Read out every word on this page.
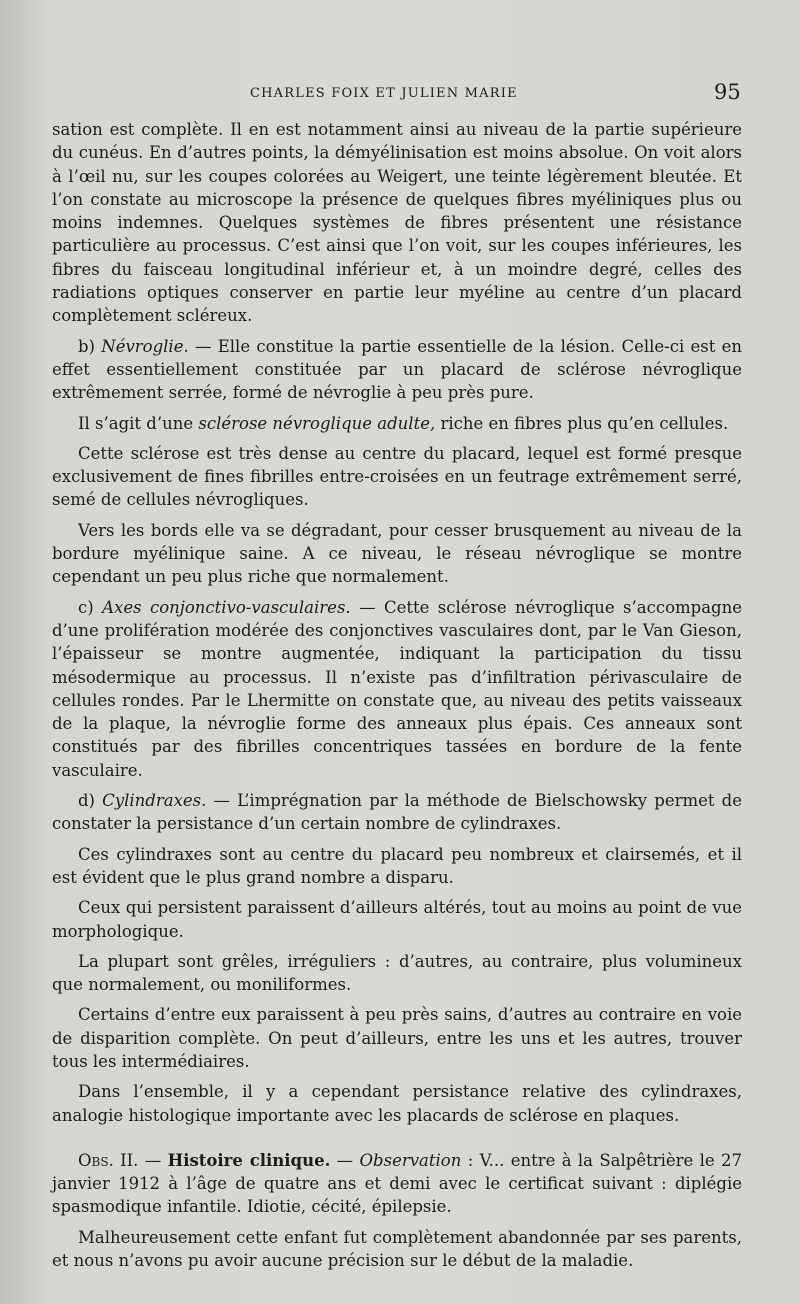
CHARLES FOIX ET JULIEN MARIE	95

sation est complète. Il en est notamment ainsi au niveau de la partie supérieure du cunéus. En d’autres points, la démyélinisation est moins absolue. On voit alors à l’œil nu, sur les coupes colorées au Weigert, une teinte légèrement bleutée. Et l’on constate au microscope la présence de quelques fibres myéliniques plus ou moins indemnes. Quelques systèmes de fibres présentent une résistance particulière au processus. C’est ainsi que l’on voit, sur les coupes inférieures, les fibres du faisceau longitudinal inférieur et, à un moindre degré, celles des radiations optiques conserver en partie leur myéline au centre d’un placard complètement scléreux.

b) Névroglie. — Elle constitue la partie essentielle de la lésion. Celle-ci est en effet essentiellement constituée par un placard de sclérose névroglique extrêmement serrée, formé de névroglie à peu près pure.

Il s’agit d’une sclérose névroglique adulte, riche en fibres plus qu’en cellules.

Cette sclérose est très dense au centre du placard, lequel est formé presque exclusivement de fines fibrilles entre-croisées en un feutrage extrêmement serré, semé de cellules névrogliques.

Vers les bords elle va se dégradant, pour cesser brusquement au niveau de la bordure myélinique saine. A ce niveau, le réseau névroglique se montre cependant un peu plus riche que normalement.

c) Axes conjonctivo-vasculaires. — Cette sclérose névroglique s’accompagne d’une prolifération modérée des conjonctives vasculaires dont, par le Van Gieson, l’épaisseur se montre augmentée, indiquant la participation du tissu mésodermique au processus. Il n’existe pas d’infiltration périvasculaire de cellules rondes. Par le Lhermitte on constate que, au niveau des petits vaisseaux de la plaque, la névroglie forme des anneaux plus épais. Ces anneaux sont constitués par des fibrilles concentriques tassées en bordure de la fente vasculaire.

d) Cylindraxes. — L’imprégnation par la méthode de Bielschowsky permet de constater la persistance d’un certain nombre de cylindraxes.

Ces cylindraxes sont au centre du placard peu nombreux et clairsemés, et il est évident que le plus grand nombre a disparu.

Ceux qui persistent paraissent d’ailleurs altérés, tout au moins au point de vue morphologique.

La plupart sont grêles, irréguliers : d’autres, au contraire, plus volumineux que normalement, ou moniliformes.

Certains d’entre eux paraissent à peu près sains, d’autres au contraire en voie de disparition complète. On peut d’ailleurs, entre les uns et les autres, trouver tous les intermédiaires.

Dans l’ensemble, il y a cependant persistance relative des cylindraxes, analogie histologique importante avec les placards de sclérose en plaques.

Obs. II. — Histoire clinique. — Observation : V... entre à la Salpêtrière le 27 janvier 1912 à l’âge de quatre ans et demi avec le certificat suivant : diplégie spasmodique infantile. Idiotie, cécité, épilepsie.

Malheureusement cette enfant fut complètement abandonnée par ses parents, et nous n’avons pu avoir aucune précision sur le début de la maladie.
